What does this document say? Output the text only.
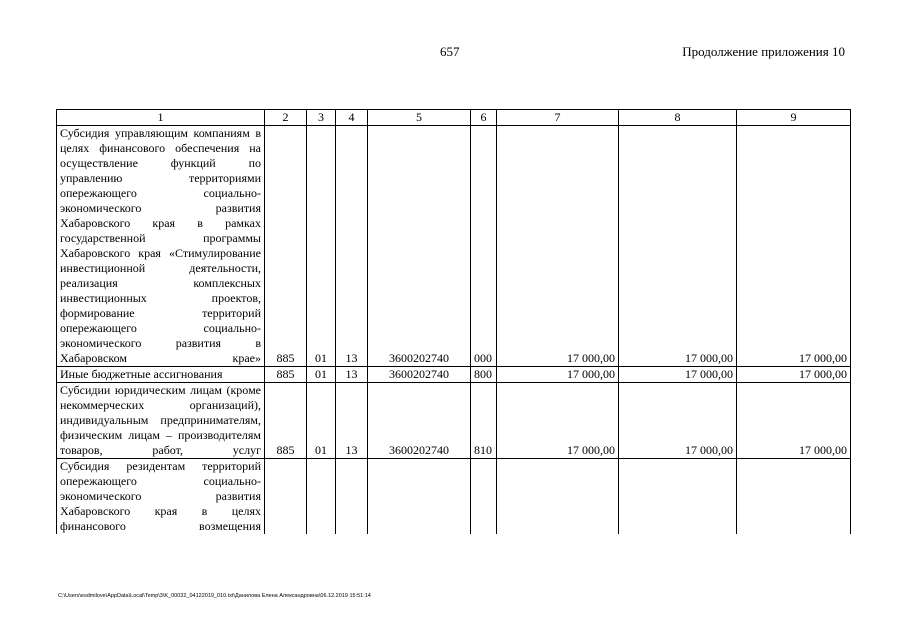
657	Продолжение приложения 10
1	2	3	4	5	6	7	8	9
Субсидия управляющим компаниям в целях финансового обеспечения на осуществление функций по управлению территориями опережающего социально-экономического развития Хабаровского края в рамках государственной программы Хабаровского края «Стимулирование инвестиционной деятельности, реализация комплексных инвестиционных проектов, формирование территорий опережающего социально-экономического развития в Хабаровском крае»	885	01	13	3600202740	000	17 000,00	17 000,00	17 000,00
Иные бюджетные ассигнования	885	01	13	3600202740	800	17 000,00	17 000,00	17 000,00
Субсидии юридическим лицам (кроме некоммерческих организаций), индивидуальным предпринимателям, физическим лицам – производителям товаров, работ, услуг	885	01	13	3600202740	810	17 000,00	17 000,00	17 000,00
Субсидия резидентам территорий опережающего социально-экономического развития Хабаровского края в целях финансового возмещения								
C:\Users\esdmilove\AppData\Local\Temp\3\K_00032_04122019_010.txt\Данилова Елена Александровна\06.12.2019 15:51:14
